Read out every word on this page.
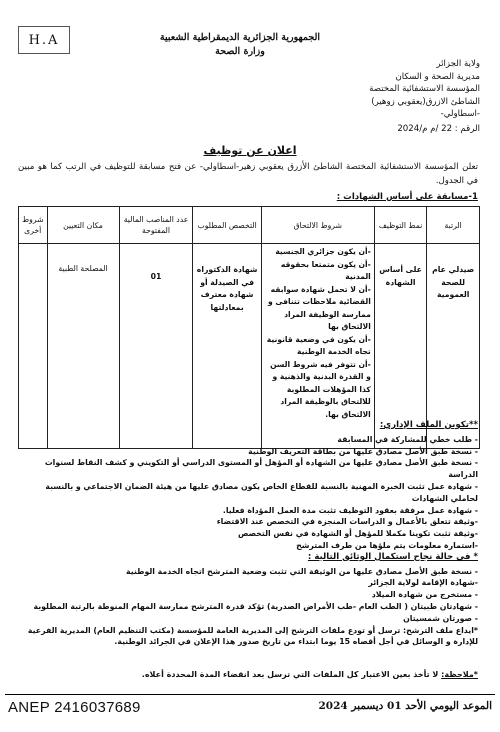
H.A	الجمهورية الجزائرية الديمقراطية الشعبية
وزارة الصحة
ولاية الجزائر
مديرية الصحة و السكان
المؤسسة الاستشفائية المختصة
الشاطئ الازرق(يعقوبي زوهير)
-اسطاولي-
الرقم : 22 /م م/2024
اعلان عن توظيف
تعلن المؤسسة الاستشفائية المختصة الشاطئ الأزرق يعقوبي زهير-اسطاولي- عن فتح مسابقة للتوظيف في الرتب كما هو مبين في الجدول.
1-مسابقة على أساس الشهادات :
الرتبة	نمط التوظيف	شروط الالتحاق	التخصص المطلوب	عدد المناصب المالية المفتوحة	مكان التعيين	شروط أخرى
صيدلي عام للصحة العمومية	على أساس الشهادة	-أن يكون جزائري الجنسية
-أن يكون متمتعا بحقوقه المدنية
-أن لا تحمل شهادة سوابقه القضائية ملاحظات تتنافى و ممارسة الوظيفة المراد الالتحاق بها
-أن يكون في وضعية قانونية تجاه الخدمة الوطنية
-أن تتوفر فيه شروط السن و القدرة البدنية والذهنية و كذا المؤهلات المطلوبة للالتحاق بالوظيفة المراد الالتحاق بها.	شهادة الدكتوراه في الصيدلة أو شهادة معترف بمعادلتها	01	المصلحة الطبية	
**تكوين الملف الإداري:

- طلب خطي للمشاركة في المسابقة

- نسخة طبق الأصل مصادق عليها من بطاقة التعريف الوطنية

- نسخة طبق الأصل مصادق عليها من الشهادة أو المؤهل أو المستوى الدراسي أو التكويني و كشف النقاط لسنوات الدراسة

- شهادة عمل تثبت الخبرة المهنية بالنسبة للقطاع الخاص يكون مصادق عليها من هيئة الضمان الاجتماعي و بالنسبة لحاملي الشهادات

- شهادة عمل مرفقة بعقود التوظيف تثبت مدة العمل المؤداة فعليا.

-وثيقة تتعلق بالأعمال و الدراسات المنجزة في التخصص عند الاقتضاء

-وثيقة تثبت تكوينا مكملا للمؤهل أو الشهادة في نفس التخصص

-استمارة معلومات يتم ملؤها من طرف المترشح

* في حالة نجاح استكمال الوثائق التالية :

- نسخة طبق الأصل مصادق عليها من الوثيقة التي تثبت وضعية المترشح اتجاه الخدمة الوطنية

-شهادة الإقامة لولاية الجزائر

- مستخرج من شهادة الميلاد

- شهادتان طبيتان ( الطب العام -طب الأمراض الصدرية) تؤكد قدرة المترشح ممارسة المهام المنوطة بالرتبة المطلوبة

- صورتان شمسيتان

*ايداع ملف الترشح: ترسل أو تودع ملفات الترشح إلى المديرية العامة للمؤسسة (مكتب التنظيم العام) المديرية الفرعية للإدارة و الوسائل في أجل أقصاه 15 يوما ابتداء من تاريخ صدور هذا الإعلان في الجرائد الوطنية.

*ملاحظة: لا تأخذ بعين الاعتبار كل الملفات التي ترسل بعد انقضاء المدة المحددة أعلاه.
ANEP 2416037689	الموعد اليومي الأحد 01 ديسمبر 2024
